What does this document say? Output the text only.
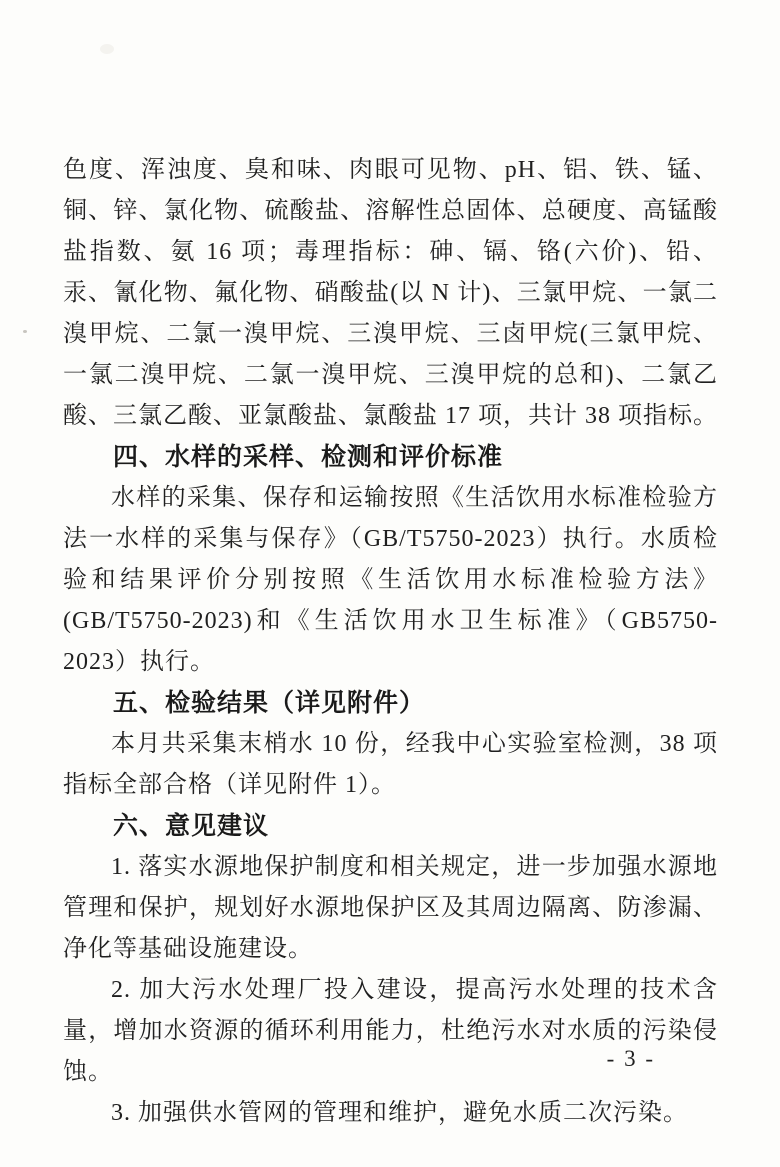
色度、浑浊度、臭和味、肉眼可见物、pH、铝、铁、锰、铜、锌、氯化物、硫酸盐、溶解性总固体、总硬度、高锰酸盐指数、氨 16 项；毒理指标：砷、镉、铬(六价)、铅、汞、氰化物、氟化物、硝酸盐(以 N 计)、三氯甲烷、一氯二溴甲烷、二氯一溴甲烷、三溴甲烷、三卤甲烷(三氯甲烷、一氯二溴甲烷、二氯一溴甲烷、三溴甲烷的总和)、二氯乙酸、三氯乙酸、亚氯酸盐、氯酸盐 17 项，共计 38 项指标。

四、水样的采样、检测和评价标准

水样的采集、保存和运输按照《生活饮用水标准检验方法一水样的采集与保存》（GB/T5750-2023）执行。水质检验和结果评价分别按照《生活饮用水标准检验方法》(GB/T5750-2023)和《生活饮用水卫生标准》（GB5750-2023）执行。

五、检验结果（详见附件）

本月共采集末梢水 10 份，经我中心实验室检测，38 项指标全部合格（详见附件 1）。

六、意见建议

1. 落实水源地保护制度和相关规定，进一步加强水源地管理和保护，规划好水源地保护区及其周边隔离、防渗漏、净化等基础设施建设。

2. 加大污水处理厂投入建设，提高污水处理的技术含量，增加水资源的循环利用能力，杜绝污水对水质的污染侵蚀。

3. 加强供水管网的管理和维护，避免水质二次污染。

- 3 -
